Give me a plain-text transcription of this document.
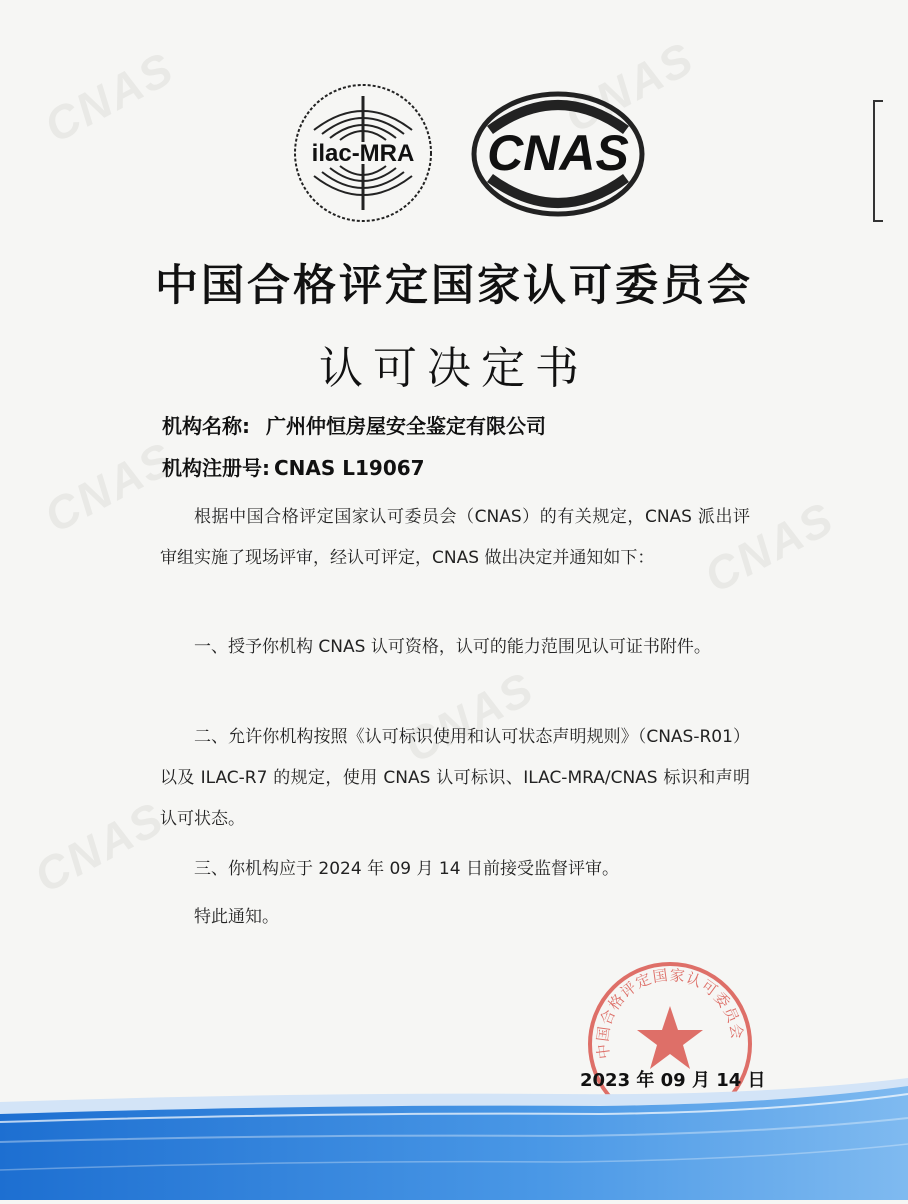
CNAS	CNAS
CNAS
CNAS
CNAS
CNAS
ilac-MRA CNAS
中国合格评定国家认可委员会
认可决定书
机构名称: 广州仲恒房屋安全鉴定有限公司
机构注册号: CNAS L19067
根据中国合格评定国家认可委员会（CNAS）的有关规定，CNAS 派出评审组实施了现场评审，经认可评定，CNAS 做出决定并通知如下：
一、授予你机构 CNAS 认可资格，认可的能力范围见认可证书附件。
二、允许你机构按照《认可标识使用和认可状态声明规则》（CNAS-R01）以及 ILAC-R7 的规定，使用 CNAS 认可标识、ILAC-MRA/CNAS 标识和声明认可状态。
三、你机构应于 2024 年 09 月 14 日前接受监督评审。
特此通知。
中国合格评定国家认可委员会
2023 年 09 月 14 日
